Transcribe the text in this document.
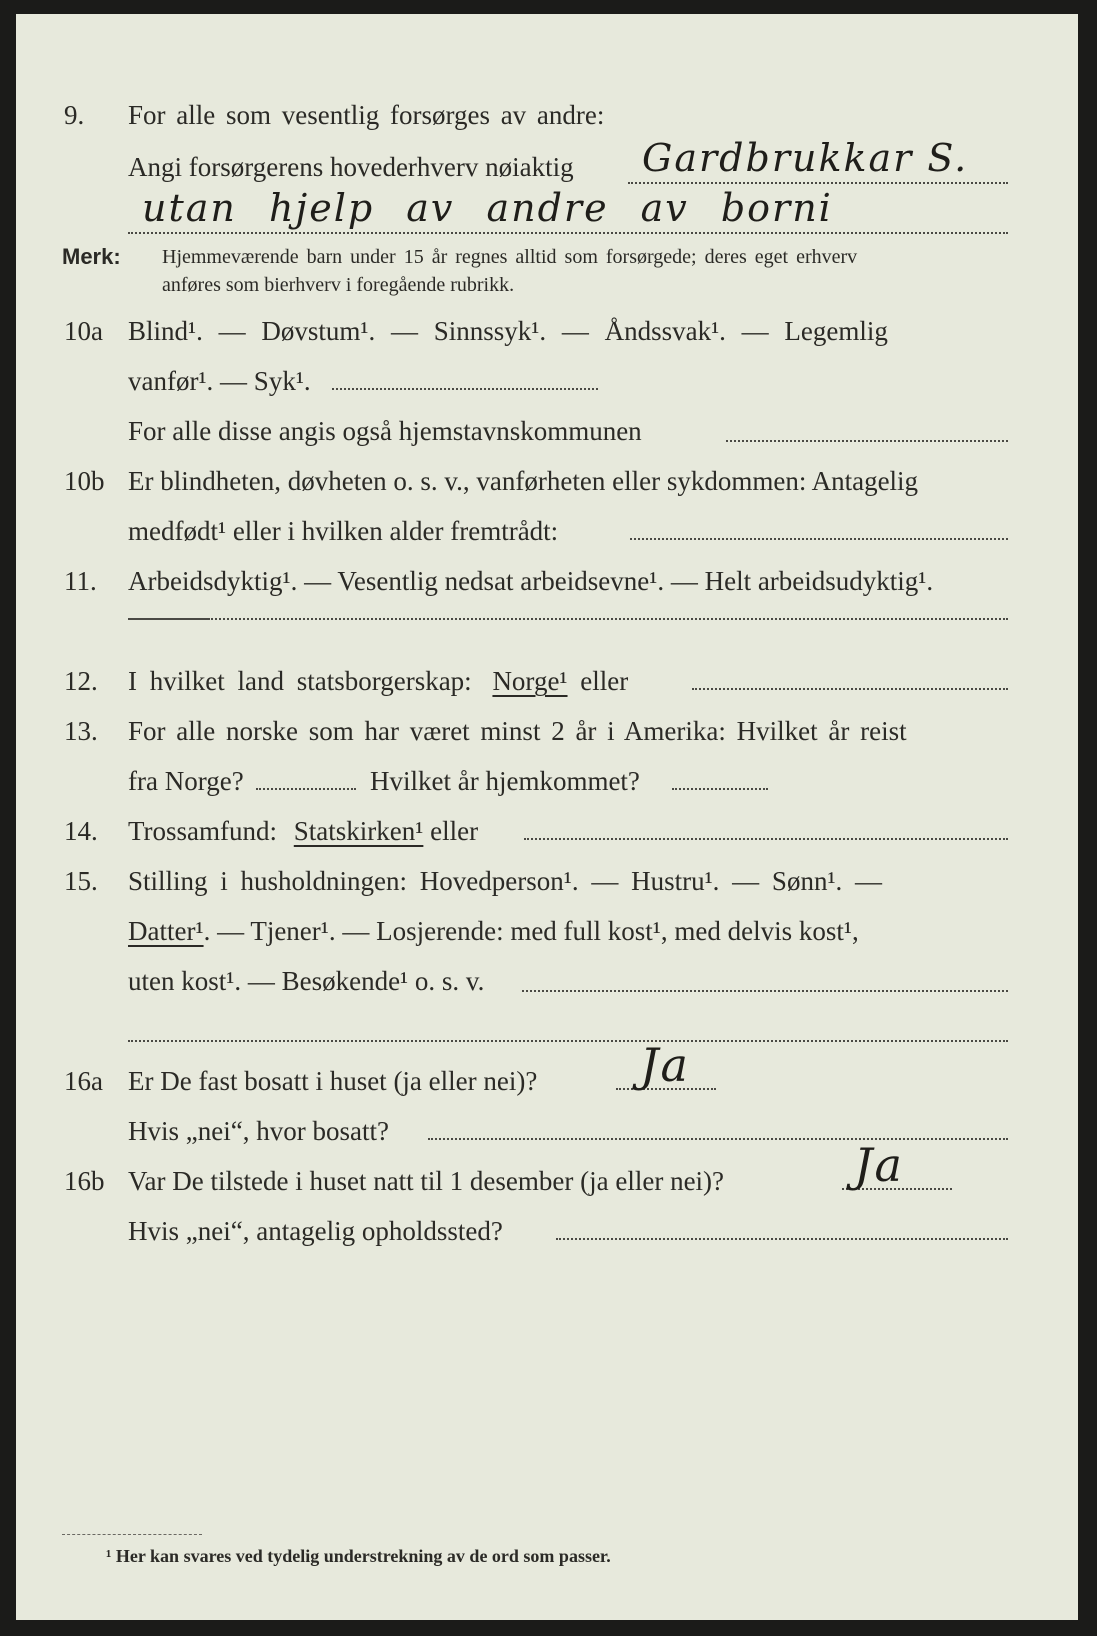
9. For alle som vesentlig forsørges av andre:
Angi forsørgerens hovederhverv nøiaktig Gardbrukkar S.
utan hjelp av andre av borni
Merk: Hjemmeværende barn under 15 år regnes alltid som forsørgede; deres eget erhverv
anføres som bierhverv i foregående rubrikk.
10a Blind¹. — Døvstum¹. — Sinnssyk¹. — Åndssvak¹. — Legemlig
vanfør¹. — Syk¹.
For alle disse angis også hjemstavnskommunen
10b Er blindheten, døvheten o. s. v., vanførheten eller sykdommen: Antagelig
medfødt¹ eller i hvilken alder fremtrådt:
11. Arbeidsdyktig¹. — Vesentlig nedsat arbeidsevne¹. — Helt arbeidsudyktig¹.
12. I hvilket land statsborgerskap: Norge¹ eller
13. For alle norske som har været minst 2 år i Amerika: Hvilket år reist
fra Norge?	Hvilket år hjemkommet?
14. Trossamfund: Statskirken¹ eller
15. Stilling i husholdningen: Hovedperson¹. — Hustru¹. — Sønn¹. —
Datter¹. — Tjener¹. — Losjerende: med full kost¹, med delvis kost¹,
uten kost¹. — Besøkende¹ o. s. v.
16a Er De fast bosatt i huset (ja eller nei)? Ja
Hvis „nei“, hvor bosatt?
16b Var De tilstede i huset natt til 1 desember (ja eller nei)?	Ja
Hvis „nei“, antagelig opholdssted?
¹ Her kan svares ved tydelig understrekning av de ord som passer.
